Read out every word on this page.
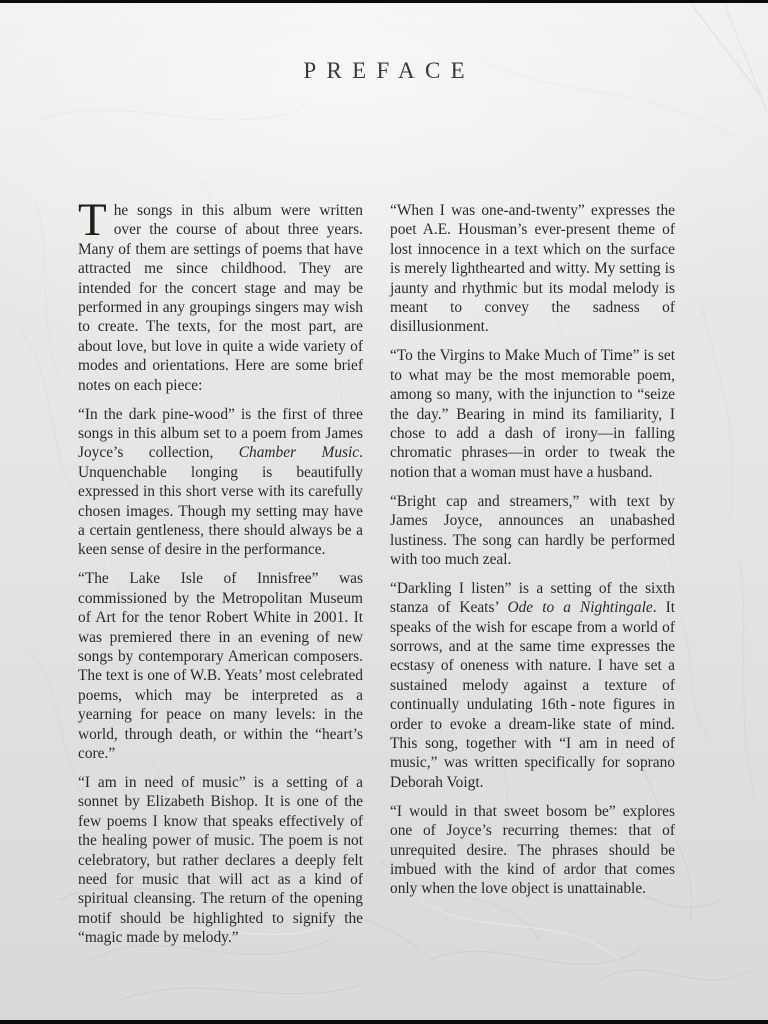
PREFACE

The songs in this album were written over the course of about three years. Many of them are settings of poems that have attracted me since childhood. They are intended for the concert stage and may be performed in any groupings singers may wish to create. The texts, for the most part, are about love, but love in quite a wide variety of modes and orientations. Here are some brief notes on each piece:

“In the dark pine-wood” is the first of three songs in this album set to a poem from James Joyce’s collection, Chamber Music. Unquenchable longing is beautifully expressed in this short verse with its carefully chosen images. Though my setting may have a certain gentleness, there should always be a keen sense of desire in the performance.

“The Lake Isle of Innisfree” was commissioned by the Metropolitan Museum of Art for the tenor Robert White in 2001. It was premiered there in an evening of new songs by contemporary American composers. The text is one of W.B. Yeats’ most celebrated poems, which may be interpreted as a yearning for peace on many levels: in the world, through death, or within the “heart’s core.”

“I am in need of music” is a setting of a sonnet by Elizabeth Bishop. It is one of the few poems I know that speaks effectively of the healing power of music. The poem is not celebratory, but rather declares a deeply felt need for music that will act as a kind of spiritual cleansing. The return of the opening motif should be highlighted to signify the “magic made by melody.”

“When I was one-and-twenty” expresses the poet A.E. Housman’s ever-present theme of lost innocence in a text which on the surface is merely lighthearted and witty. My setting is jaunty and rhythmic but its modal melody is meant to convey the sadness of disillusionment.

“To the Virgins to Make Much of Time” is set to what may be the most memorable poem, among so many, with the injunction to “seize the day.” Bearing in mind its familiarity, I chose to add a dash of irony—in falling chromatic phrases—in order to tweak the notion that a woman must have a husband.

“Bright cap and streamers,” with text by James Joyce, announces an unabashed lustiness. The song can hardly be performed with too much zeal.

“Darkling I listen” is a setting of the sixth stanza of Keats’ Ode to a Nightingale. It speaks of the wish for escape from a world of sorrows, and at the same time expresses the ecstasy of oneness with nature. I have set a sustained melody against a texture of continually undulating 16th - note figures in order to evoke a dream-like state of mind. This song, together with “I am in need of music,” was written specifically for soprano Deborah Voigt.

“I would in that sweet bosom be” explores one of Joyce’s recurring themes: that of unrequited desire. The phrases should be imbued with the kind of ardor that comes only when the love object is unattainable.
